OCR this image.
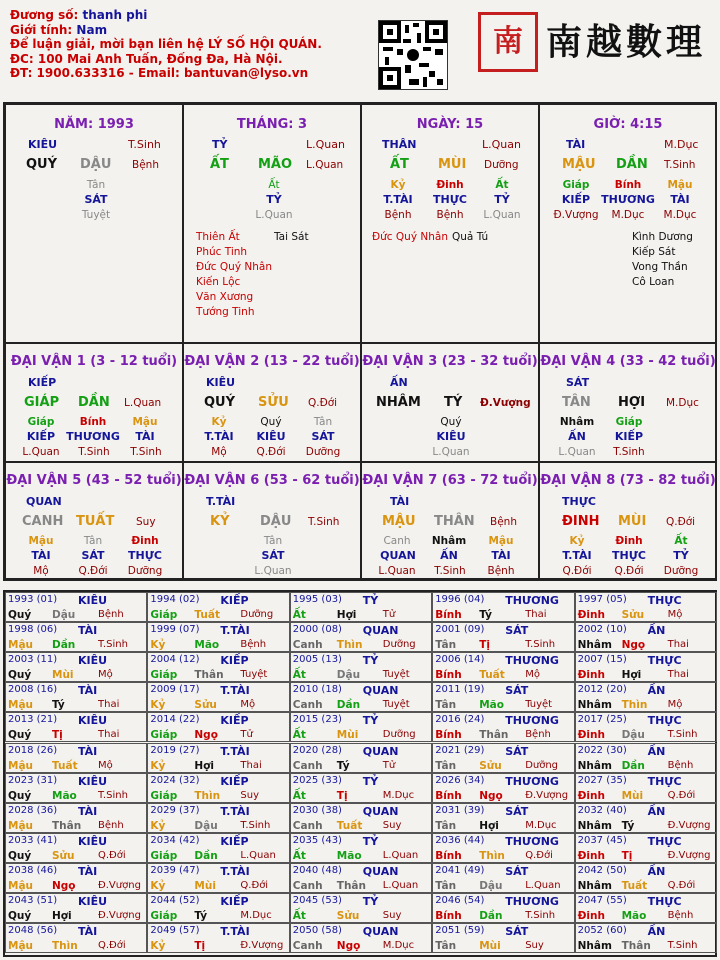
Đương số: thanh phi
Giới tính: Nam
Để luận giải, mời bạn liên hệ LÝ SỐ HỘI QUÁN.
ĐC: 100 Mai Anh Tuấn, Đống Đa, Hà Nội.
ĐT: 1900.633316 - Email: bantuvan@lyso.vn
南 南越數理
NĂM: 1993
KIÊU	T.Sinh
QUÝ DẬU Bệnh
Tân
SÁT
Tuyệt
THÁNG: 3
TỶ	L.Quan
ẤT MÃO L.Quan
Ất
TỶ
L.Quan
Thiên Ất	Tai Sát
Phúc Tinh
Đức Quý Nhân
Kiến Lộc
Văn Xương
Tướng Tinh
NGÀY: 15
THÂN	L.Quan
ẤT MÙI Dưỡng
Kỷ	Đinh	Ất
T.TÀI	THỰC	TỶ
Bệnh	Bệnh	L.Quan
Đức Quý Nhân Quả Tú
GIỜ: 4:15
TÀI	M.Dục
MẬU DẦN T.Sinh
Giáp	Bính	Mậu
KIẾP	THƯƠNG	TÀI
Đ.Vượng	M.Dục	M.Dục
Kình Dương
Kiếp Sát
Vong Thần
Cô Loan
ĐẠI VẬN 1 (3 - 12 tuổi)
KIẾP
GIÁP DẦN L.Quan
Giáp	Bính	Mậu
KIẾP	THƯƠNG	TÀI
L.Quan	T.Sinh	T.Sinh
ĐẠI VẬN 2 (13 - 22 tuổi)
KIÊU
QUÝ SỬU Q.Đới
Kỷ	Quý	Tân
T.TÀI	KIÊU	SÁT
Mộ	Q.Đới	Dưỡng
ĐẠI VẬN 3 (23 - 32 tuổi)
ẤN
NHÂM TÝ Đ.Vượng
Quý
KIÊU
L.Quan
ĐẠI VẬN 4 (33 - 42 tuổi)
SÁT
TÂN HỢI M.Dục
Nhâm	Giáp
ẤN	KIẾP
L.Quan	T.Sinh
ĐẠI VẬN 5 (43 - 52 tuổi)
QUAN
CANH TUẤT Suy
Mậu	Tân	Đinh
TÀI	SÁT	THỰC
Mộ	Q.Đới	Dưỡng
ĐẠI VẬN 6 (53 - 62 tuổi)
T.TÀI
KỶ DẬU T.Sinh
Tân
SÁT
L.Quan
ĐẠI VẬN 7 (63 - 72 tuổi)
TÀI
MẬU THÂN Bệnh
Canh	Nhâm	Mậu
QUAN	ẤN	TÀI
L.Quan	T.Sinh	Bệnh
ĐẠI VẬN 8 (73 - 82 tuổi)
THỰC
ĐINH MÙI Q.Đới
Kỷ	Đinh	Ất
T.TÀI	THỰC	TỶ
Q.Đới	Q.Đới	Dưỡng
1993 (01) KIÊU
Quý Dậu Bệnh
1994 (02) KIẾP
Giáp Tuất Dưỡng
1995 (03) TỶ
Ất	Hợi	Tử
1996 (04) THƯƠNG
Bính Tý	Thai
1997 (05) THỰC
Đinh Sửu Mộ
1998 (06) TÀI
Mậu Dần T.Sinh
1999 (07) T.TÀI
Kỷ	Mão Bệnh
2000 (08) QUAN
Canh Thìn Dưỡng
2001 (09) SÁT
Tân Tị	T.Sinh
2002 (10) ẤN
Nhâm Ngọ Thai
2003 (11) KIÊU
Quý Mùi Mộ
2004 (12) KIẾP
Giáp Thân Tuyệt
2005 (13) TỶ
Ất	Dậu Tuyệt
2006 (14) THƯƠNG
Bính Tuất Mộ
2007 (15) THỰC
Đinh Hợi	Thai
2008 (16) TÀI
Mậu Tý	Thai
2009 (17) T.TÀI
Kỷ	Sửu Mộ
2010 (18) QUAN
Canh Dần Tuyệt
2011 (19) SÁT
Tân Mão Tuyệt
2012 (20) ẤN
Nhâm Thìn Mộ
2013 (21) KIÊU
Quý Tị	Thai
2014 (22) KIẾP
Giáp Ngọ Tử
2015 (23) TỶ
Ất	Mùi Dưỡng
2016 (24) THƯƠNG
Bính Thân Bệnh
2017 (25) THỰC
Đinh Dậu T.Sinh
2018 (26) TÀI
Mậu Tuất Mộ
2019 (27) T.TÀI
Kỷ	Hợi	Thai
2020 (28) QUAN
Canh Tý	Tử
2021 (29) SÁT
Tân Sửu Dưỡng
2022 (30) ẤN
Nhâm Dần Bệnh
2023 (31) KIÊU
Quý Mão T.Sinh
2024 (32) KIẾP
Giáp Thìn Suy
2025 (33) TỶ
Ất	Tị	M.Dục
2026 (34) THƯƠNG
Bính Ngọ Đ.Vượng
2027 (35) THỰC
Đinh Mùi Q.Đới
2028 (36) TÀI
Mậu Thân Bệnh
2029 (37) T.TÀI
Kỷ	Dậu T.Sinh
2030 (38) QUAN
Canh Tuất Suy
2031 (39) SÁT
Tân Hợi	M.Dục
2032 (40) ẤN
Nhâm Tý	Đ.Vượng
2033 (41) KIÊU
Quý Sửu Q.Đới
2034 (42) KIẾP
Giáp Dần L.Quan
2035 (43) TỶ
Ất	Mão L.Quan
2036 (44) THƯƠNG
Bính Thìn Q.Đới
2037 (45) THỰC
Đinh Tị	Đ.Vượng
2038 (46) TÀI
Mậu Ngọ Đ.Vượng
2039 (47) T.TÀI
Kỷ	Mùi Q.Đới
2040 (48) QUAN
Canh Thân L.Quan
2041 (49) SÁT
Tân Dậu L.Quan
2042 (50) ẤN
Nhâm Tuất Q.Đới
2043 (51) KIÊU
Quý Hợi	Đ.Vượng
2044 (52) KIẾP
Giáp Tý	M.Dục
2045 (53) TỶ
Ất	Sửu Suy
2046 (54) THƯƠNG
Bính Dần T.Sinh
2047 (55) THỰC
Đinh Mão Bệnh
2048 (56) TÀI
Mậu Thìn Q.Đới
2049 (57) T.TÀI
Kỷ	Tị	Đ.Vượng
2050 (58) QUAN
Canh Ngọ M.Dục
2051 (59) SÁT
Tân Mùi Suy
2052 (60) ẤN
Nhâm Thân T.Sinh
